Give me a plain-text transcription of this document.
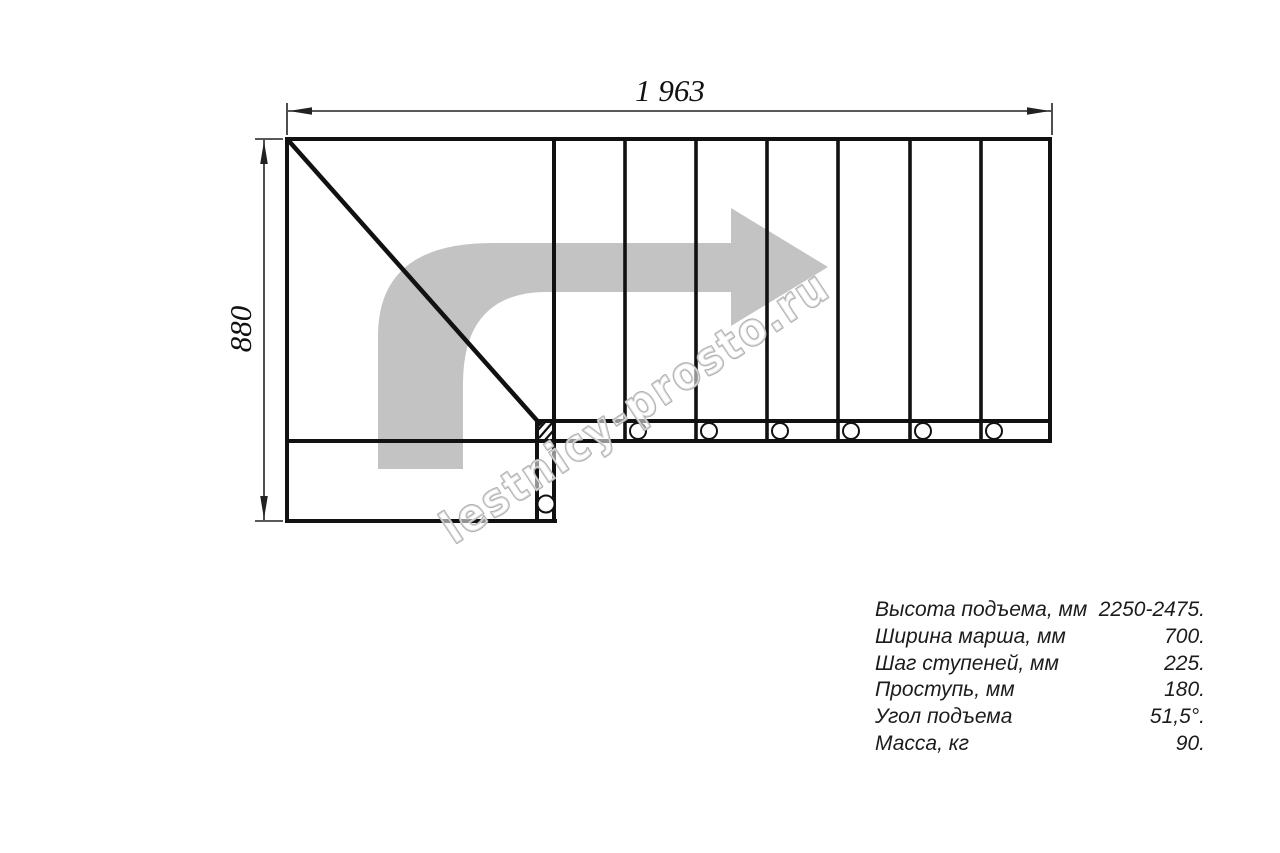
1 963
880	lestnicy-prosto.ru
Высота подъема, мм 2250-2475.
Ширина марша, мм	700.
Шаг ступеней, мм	225.
Проступь, мм	180.
Угол подъема	51,5°.
Масса, кг	90.
